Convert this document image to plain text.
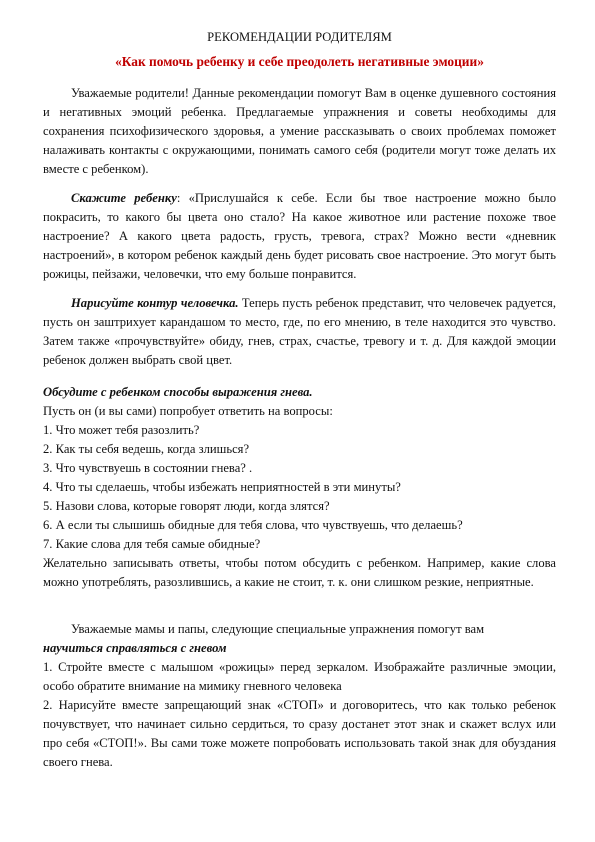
РЕКОМЕНДАЦИИ РОДИТЕЛЯМ
«Как помочь ребенку и себе преодолеть негативные эмоции»

Уважаемые родители! Данные рекомендации помогут Вам в оценке душевного состояния и негативных эмоций ребенка. Предлагаемые упражнения и советы необходимы для сохранения психофизического здоровья, а умение рассказывать о своих проблемах поможет налаживать контакты с окружающими, понимать самого себя (родители могут тоже делать их вместе с ребенком).

Скажите ребенку: «Прислушайся к себе. Если бы твое настроение можно было покрасить, то какого бы цвета оно стало? На какое животное или растение похоже твое настроение? А какого цвета радость, грусть, тревога, страх? Можно вести «дневник настроений», в котором ребенок каждый день будет рисовать свое настроение. Это могут быть рожицы, пейзажи, человечки, что ему больше понравится.

Нарисуйте контур человечка. Теперь пусть ребенок представит, что человечек радуется, пусть он заштрихует карандашом то место, где, по его мнению, в теле находится это чувство. Затем также «прочувствуйте» обиду, гнев, страх, счастье, тревогу и т. д. Для каждой эмоции ребенок должен выбрать свой цвет.

Обсудите с ребенком способы выражения гнева.

Пусть он (и вы сами) попробует ответить на вопросы:

1. Что может тебя разозлить?

2. Как ты себя ведешь, когда злишься?

3. Что чувствуешь в состоянии гнева? .

4. Что ты сделаешь, чтобы избежать неприятностей в эти минуты?

5. Назови слова, которые говорят люди, когда злятся?

6. А если ты слышишь обидные для тебя слова, что чувствуешь, что делаешь?

7. Какие слова для тебя самые обидные?

Желательно записывать ответы, чтобы потом обсудить с ребенком. Например, какие слова можно употреблять, разозлившись, а какие не стоит, т. к. они слишком резкие, неприятные.

Уважаемые мамы и папы, следующие специальные упражнения помогут вам

научиться справляться с гневом

1. Стройте вместе с малышом «рожицы» перед зеркалом. Изображайте различные эмоции, особо обратите внимание на мимику гневного человека

2. Нарисуйте вместе запрещающий знак «СТОП» и договоритесь, что как только ребенок почувствует, что начинает сильно сердиться, то сразу достанет этот знак и скажет вслух или про себя «СТОП!». Вы сами тоже можете попробовать использовать такой знак для обуздания своего гнева.
